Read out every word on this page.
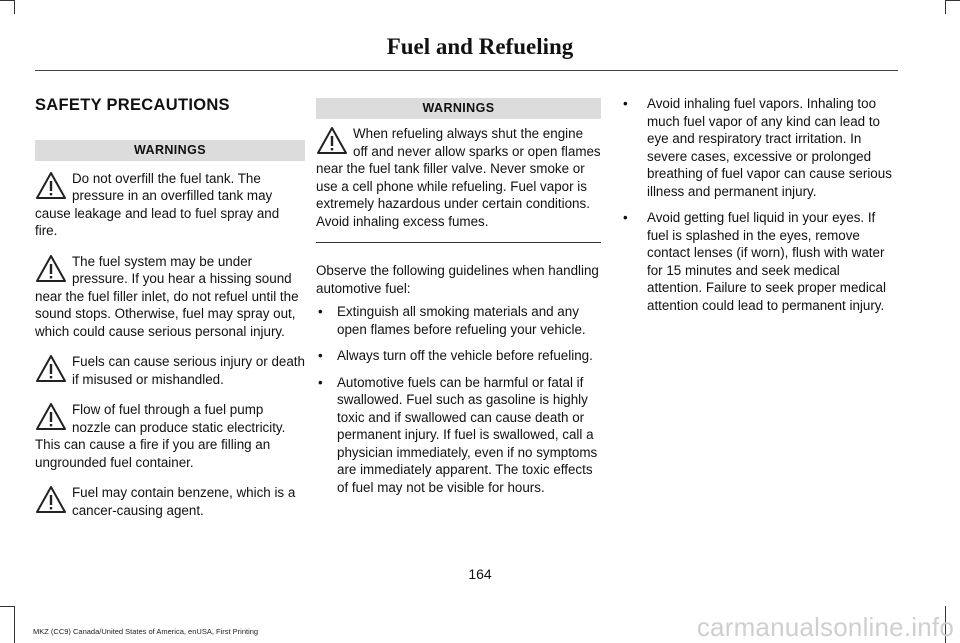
Fuel and Refueling
SAFETY PRECAUTIONS
WARNINGS
Do not overfill the fuel tank. The pressure in an overfilled tank may cause leakage and lead to fuel spray and fire.
The fuel system may be under pressure. If you hear a hissing sound near the fuel filler inlet, do not refuel until the sound stops. Otherwise, fuel may spray out, which could cause serious personal injury.
Fuels can cause serious injury or death if misused or mishandled.
Flow of fuel through a fuel pump nozzle can produce static electricity. This can cause a fire if you are filling an ungrounded fuel container.
Fuel may contain benzene, which is a cancer-causing agent.
WARNINGS
When refueling always shut the engine off and never allow sparks or open flames near the fuel tank filler valve. Never smoke or use a cell phone while refueling. Fuel vapor is extremely hazardous under certain conditions. Avoid inhaling excess fumes.
Observe the following guidelines when handling automotive fuel:
• Extinguish all smoking materials and any open flames before refueling your vehicle.
• Always turn off the vehicle before refueling.
• Automotive fuels can be harmful or fatal if swallowed. Fuel such as gasoline is highly toxic and if swallowed can cause death or permanent injury. If fuel is swallowed, call a physician immediately, even if no symptoms are immediately apparent. The toxic effects of fuel may not be visible for hours.
• Avoid inhaling fuel vapors. Inhaling too much fuel vapor of any kind can lead to eye and respiratory tract irritation. In severe cases, excessive or prolonged breathing of fuel vapor can cause serious illness and permanent injury.
• Avoid getting fuel liquid in your eyes. If fuel is splashed in the eyes, remove contact lenses (if worn), flush with water for 15 minutes and seek medical attention. Failure to seek proper medical attention could lead to permanent injury.
164
MKZ (CC9) Canada/United States of America, enUSA, First Printing	carmanualsonline.info
